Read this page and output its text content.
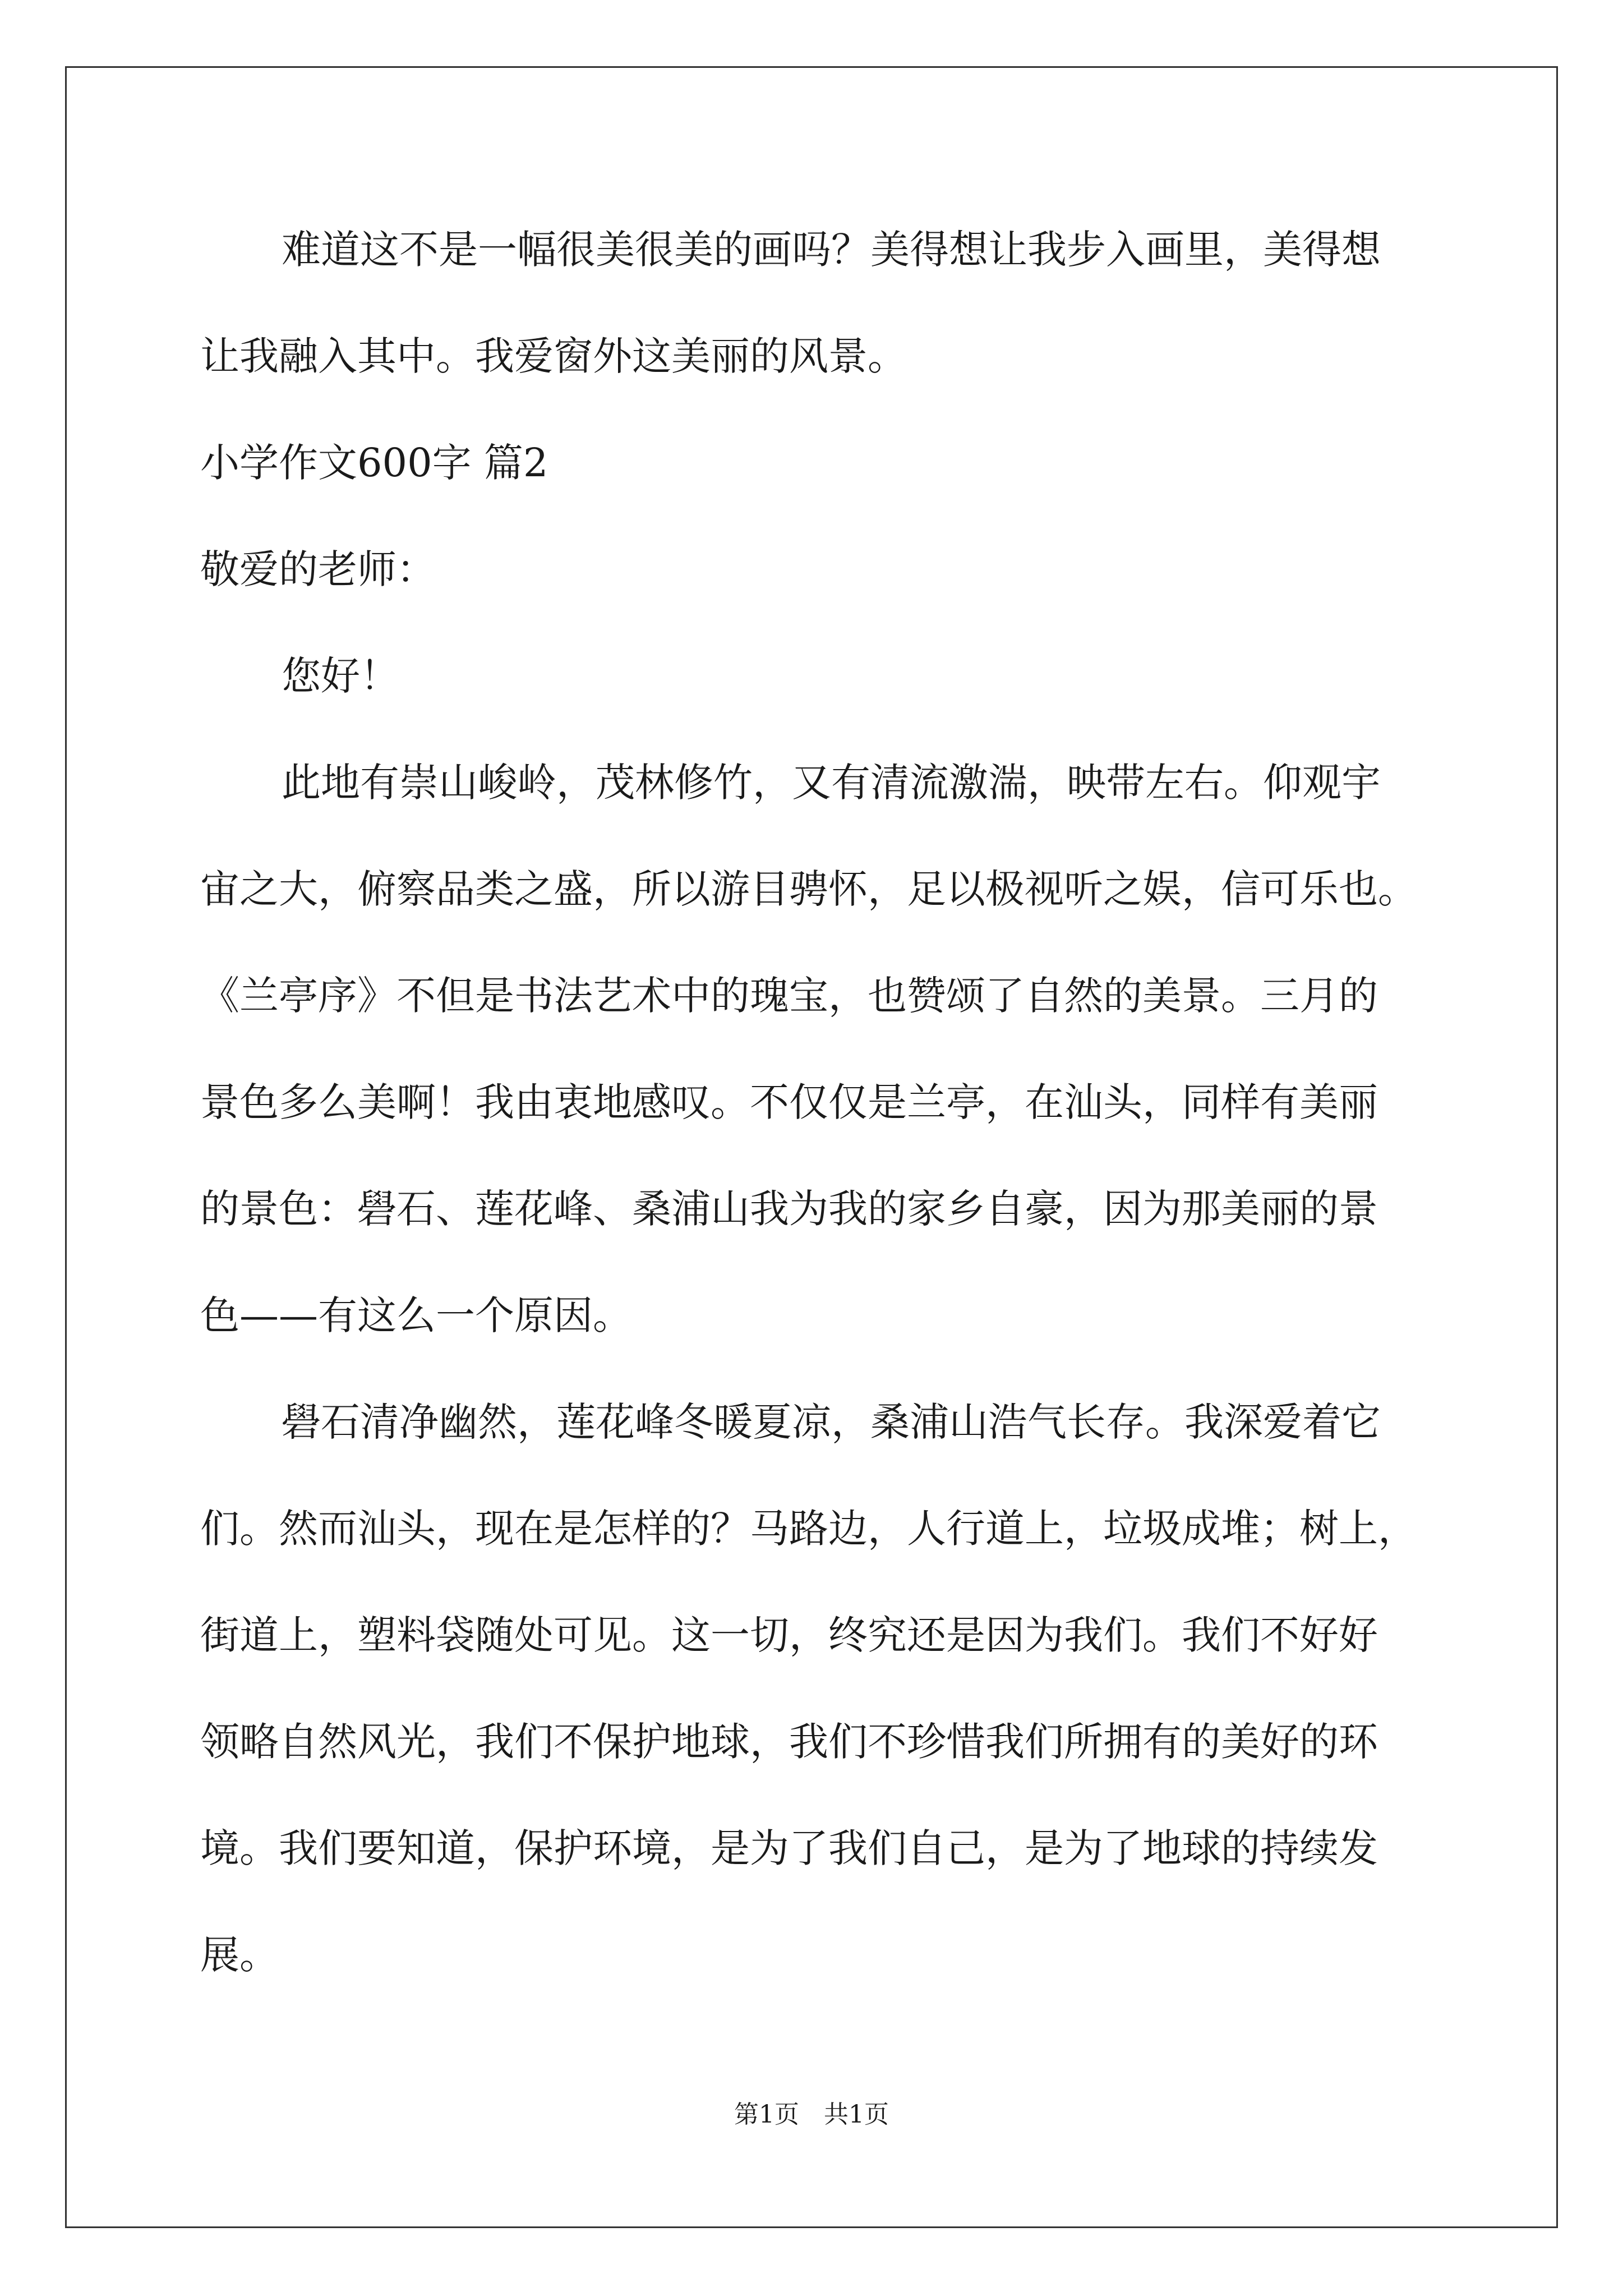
难道这不是一幅很美很美的画吗？美得想让我步入画里，美得想
让我融入其中。我爱窗外这美丽的风景。
小学作文600字 篇2
敬爱的老师：
您好！
此地有崇山峻岭，茂林修竹，又有清流激湍，映带左右。仰观宇
宙之大，俯察品类之盛，所以游目骋怀，足以极视听之娱，信可乐也。
《兰亭序》不但是书法艺术中的瑰宝，也赞颂了自然的美景。三月的
景色多么美啊！我由衷地感叹。不仅仅是兰亭，在汕头，同样有美丽
的景色：礐石、莲花峰、桑浦山我为我的家乡自豪，因为那美丽的景
色——有这么一个原因。
礐石清净幽然，莲花峰冬暖夏凉，桑浦山浩气长存。我深爱着它
们。然而汕头，现在是怎样的？马路边，人行道上，垃圾成堆；树上，
街道上，塑料袋随处可见。这一切，终究还是因为我们。我们不好好
领略自然风光，我们不保护地球，我们不珍惜我们所拥有的美好的环
境。我们要知道，保护环境，是为了我们自己，是为了地球的持续发
展。
第1页　共1页
